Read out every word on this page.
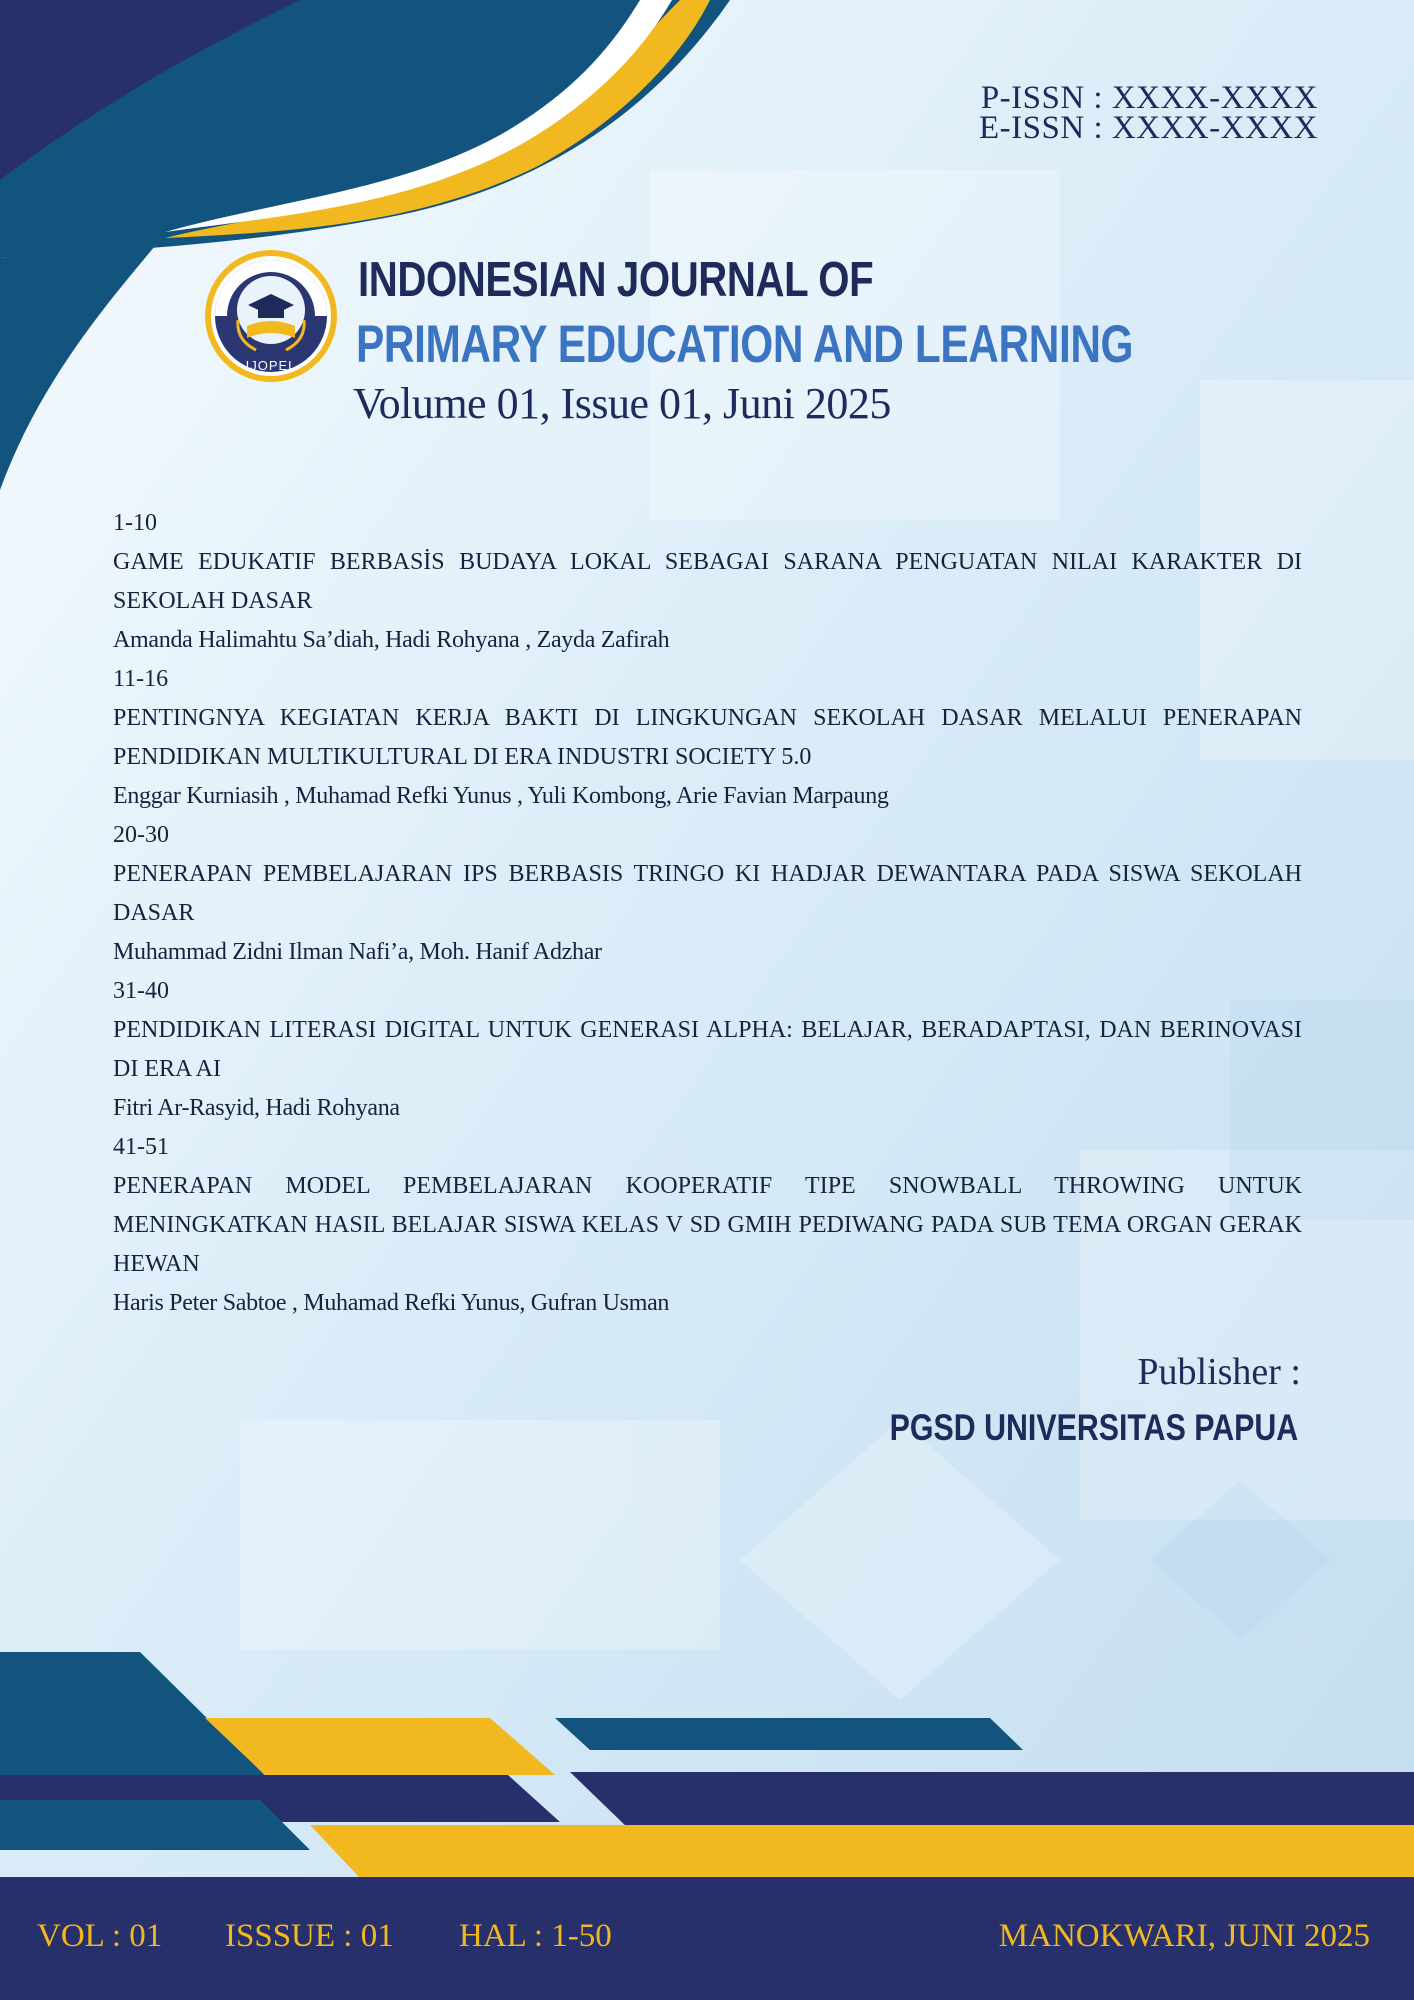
IJOPEL
P-ISSN : XXXX-XXXX
E-ISSN : XXXX-XXXX
INDONESIAN JOURNAL OF
PRIMARY EDUCATION AND LEARNING
Volume 01, Issue 01, Juni 2025
1-10
GAME EDUKATIF BERBASİS BUDAYA LOKAL SEBAGAI SARANA PENGUATAN NILAI KARAKTER DI SEKOLAH DASAR
Amanda Halimahtu Sa’diah, Hadi Rohyana , Zayda Zafirah
11-16
PENTINGNYA KEGIATAN KERJA BAKTI DI LINGKUNGAN SEKOLAH DASAR MELALUI PENERAPAN PENDIDIKAN MULTIKULTURAL DI ERA INDUSTRI SOCIETY 5.0
Enggar Kurniasih , Muhamad Refki Yunus , Yuli Kombong, Arie Favian Marpaung
20-30
PENERAPAN PEMBELAJARAN IPS BERBASIS TRINGO KI HADJAR DEWANTARA PADA SISWA SEKOLAH DASAR
Muhammad Zidni Ilman Nafi’a, Moh. Hanif Adzhar
31-40
PENDIDIKAN LITERASI DIGITAL UNTUK GENERASI ALPHA: BELAJAR, BERADAPTASI, DAN BERINOVASI DI ERA AI
Fitri Ar-Rasyid, Hadi Rohyana
41-51
PENERAPAN MODEL PEMBELAJARAN KOOPERATIF TIPE SNOWBALL THROWING UNTUK MENINGKATKAN HASIL BELAJAR SISWA KELAS V SD GMIH PEDIWANG PADA SUB TEMA ORGAN GERAK HEWAN
Haris Peter Sabtoe , Muhamad Refki Yunus, Gufran Usman
Publisher :
PGSD UNIVERSITAS PAPUA
VOL : 01 ISSSUE : 01 HAL : 1-50	MANOKWARI, JUNI 2025
